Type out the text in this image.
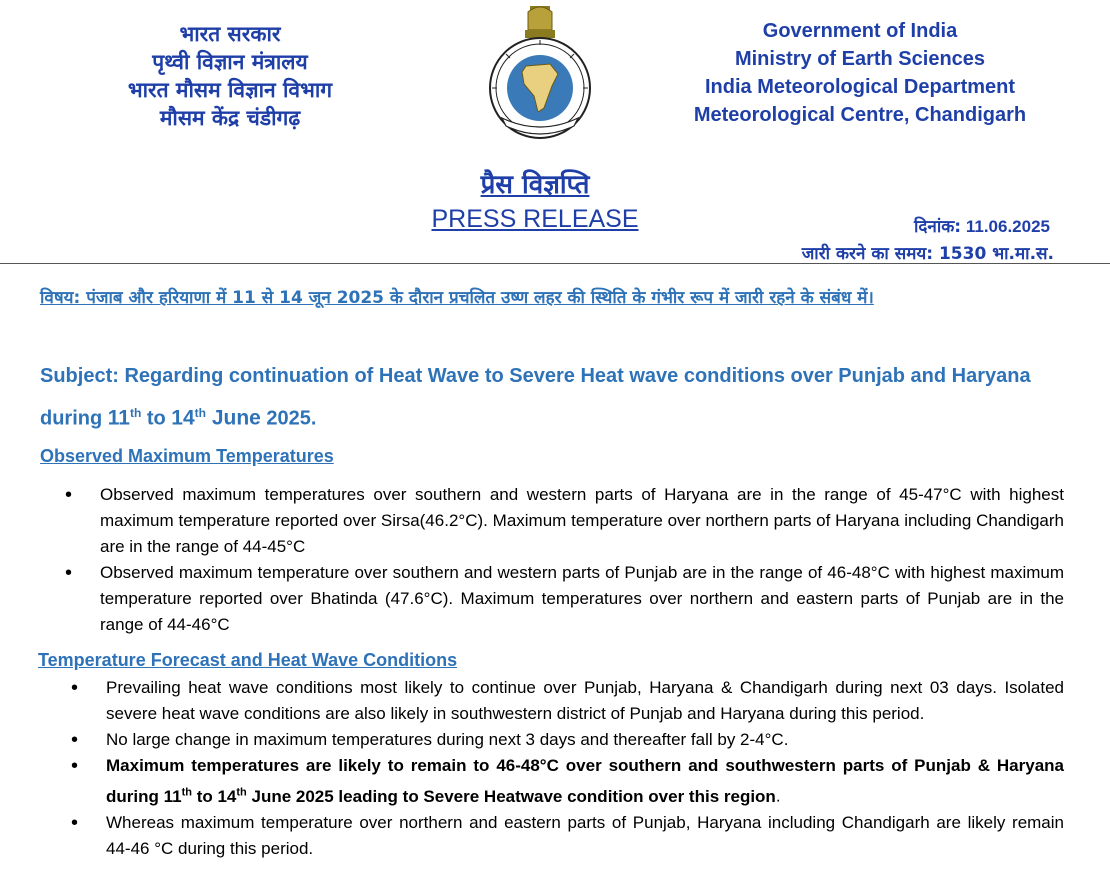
भारत सरकार
पृथ्वी विज्ञान मंत्रालय
भारत मौसम विज्ञान विभाग
मौसम केंद्र चंडीगढ़
Government of India
Ministry of Earth Sciences
India Meteorological Department
Meteorological Centre, Chandigarh
प्रैस विज्ञप्ति
PRESS RELEASE	दिनांक: 11.06.2025
जारी करने का समय: 1530 भा.मा.स.
विषय: पंजाब और हरियाणा में 11 से 14 जून 2025 के दौरान प्रचलित उष्ण लहर की स्थिति के गंभीर रूप में जारी रहने के संबंध में।
Subject: Regarding continuation of Heat Wave to Severe Heat wave conditions over Punjab and Haryana during 11th to 14th June 2025.
Observed Maximum Temperatures
• Observed maximum temperatures over southern and western parts of Haryana are in the range of 45-47°C with highest maximum temperature reported over Sirsa(46.2°C). Maximum temperature over northern parts of Haryana including Chandigarh are in the range of 44-45°C
• Observed maximum temperature over southern and western parts of Punjab are in the range of 46-48°C with highest maximum temperature reported over Bhatinda (47.6°C). Maximum temperatures over northern and eastern parts of Punjab are in the range of 44-46°C
Temperature Forecast and Heat Wave Conditions
• Prevailing heat wave conditions most likely to continue over Punjab, Haryana & Chandigarh during next 03 days. Isolated severe heat wave conditions are also likely in southwestern district of Punjab and Haryana during this period.
• No large change in maximum temperatures during next 3 days and thereafter fall by 2-4°C.
• Maximum temperatures are likely to remain to 46-48°C over southern and southwestern parts of Punjab & Haryana during 11th to 14th June 2025 leading to Severe Heatwave condition over this region.
• Whereas maximum temperature over northern and eastern parts of Punjab, Haryana including Chandigarh are likely remain 44-46 °C during this period.
